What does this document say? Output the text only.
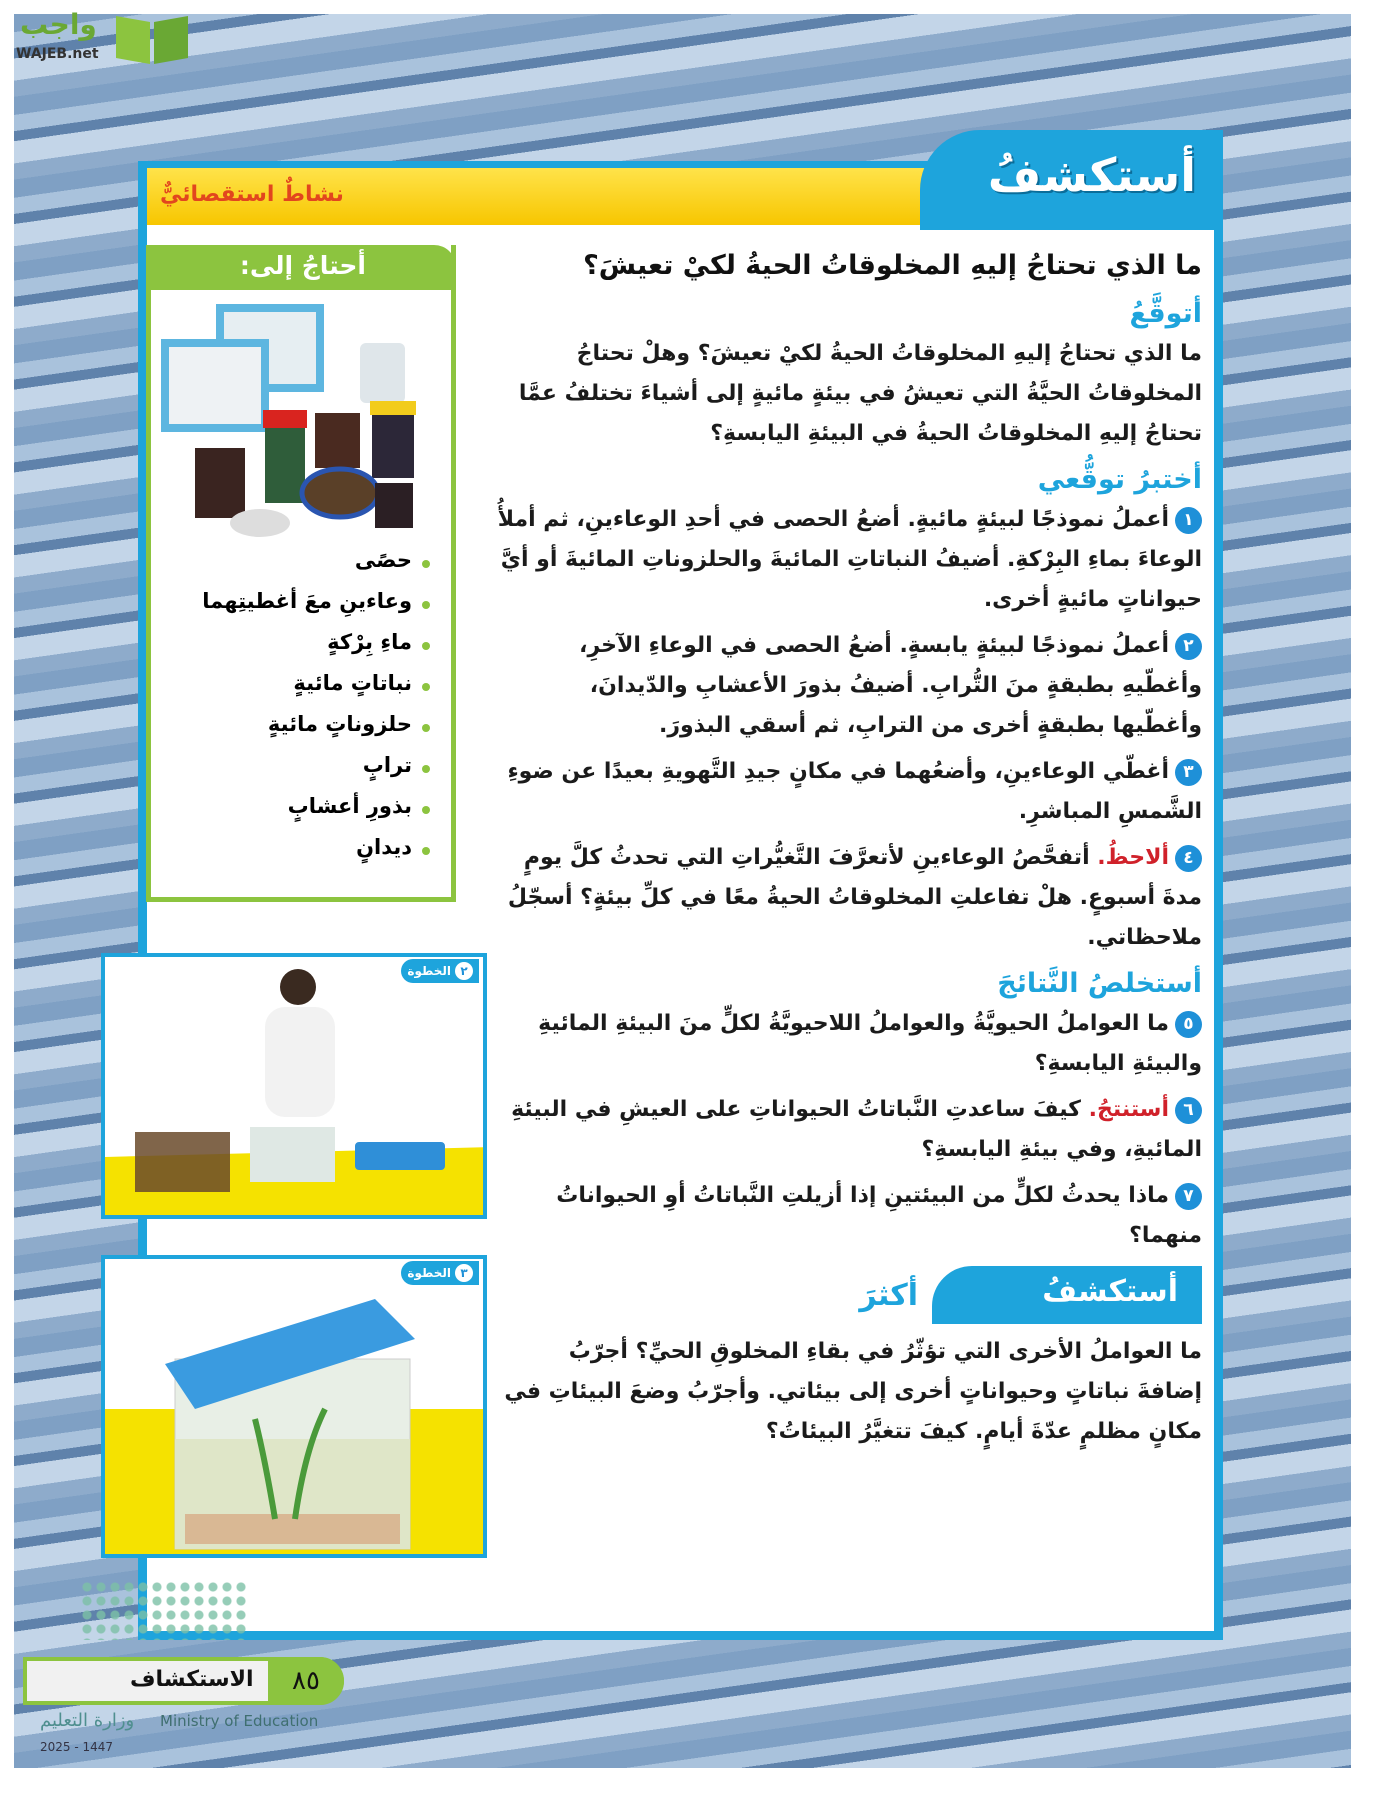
واجب
WAJEB.net
أستكشفُ
نشاطٌ استقصائيٌّ
ما الذي تحتاجُ إليهِ المخلوقاتُ الحيةُ لكيْ تعيشَ؟
أتوقَّعُ
ما الذي تحتاجُ إليهِ المخلوقاتُ الحيةُ لكيْ تعيشَ؟ وهلْ تحتاجُ المخلوقاتُ الحيَّةُ التي تعيشُ في بيئةٍ مائيةٍ إلى أشياءَ تختلفُ عمَّا تحتاجُ إليهِ المخلوقاتُ الحيةُ في البيئةِ اليابسةِ؟
أختبرُ توقُّعي
١أعملُ نموذجًا لبيئةٍ مائيةٍ. أضعُ الحصى في أحدِ الوعاءينِ، ثم أملأُ الوعاءَ بماءِ البِرْكةِ. أضيفُ النباتاتِ المائيةَ والحلزوناتِ المائيةَ أو أيَّ حيواناتٍ مائيةٍ أخرى.
٢أعملُ نموذجًا لبيئةٍ يابسةٍ. أضعُ الحصى في الوعاءِ الآخرِ، وأغطّيهِ بطبقةٍ منَ التُّرابِ. أضيفُ بذورَ الأعشابِ والدّيدانَ، وأغطّيها بطبقةٍ أخرى من الترابِ، ثم أسقي البذورَ.
٣أغطّي الوعاءينِ، وأضعُهما في مكانٍ جيدِ التَّهويةِ بعيدًا عن ضوءِ الشَّمسِ المباشرِ.
٤ألاحظُ. أتفحَّصُ الوعاءينِ لأتعرَّفَ التَّغيُّراتِ التي تحدثُ كلَّ يومٍ مدةَ أسبوعٍ. هلْ تفاعلتِ المخلوقاتُ الحيةُ معًا في كلِّ بيئةٍ؟ أسجّلُ ملاحظاتي.
أستخلصُ النَّتائجَ
٥ما العواملُ الحيويَّةُ والعواملُ اللاحيويَّةُ لكلٍّ منَ البيئةِ المائيةِ والبيئةِ اليابسةِ؟
٦أستنتجُ. كيفَ ساعدتِ النَّباتاتُ الحيواناتِ على العيشِ في البيئةِ المائيةِ، وفي بيئةِ اليابسةِ؟
٧ماذا يحدثُ لكلٍّ من البيئتينِ إذا أزيلتِ النَّباتاتُ أوِ الحيواناتُ منهما؟
أستكشفُ
أكثرَ
ما العواملُ الأخرى التي تؤثّرُ في بقاءِ المخلوقِ الحيِّ؟ أجرّبُ إضافةَ نباتاتٍ وحيواناتٍ أخرى إلى بيئاتي. وأجرّبُ وضعَ البيئاتِ في مكانٍ مظلمٍ عدّةَ أيامٍ. كيفَ تتغيَّرُ البيئاتُ؟
أحتاجُ إلى:
حصًى
وعاءينِ معَ أغطيتِهما
ماءِ بِرْكةٍ
نباتاتٍ مائيةٍ
حلزوناتٍ مائيةٍ
ترابٍ
بذورِ أعشابٍ
ديدانٍ
٢الخطوة
٣الخطوة
٨٥
الاستكشاف
وزارة التعليم Ministry of Education
2025 - 1447
